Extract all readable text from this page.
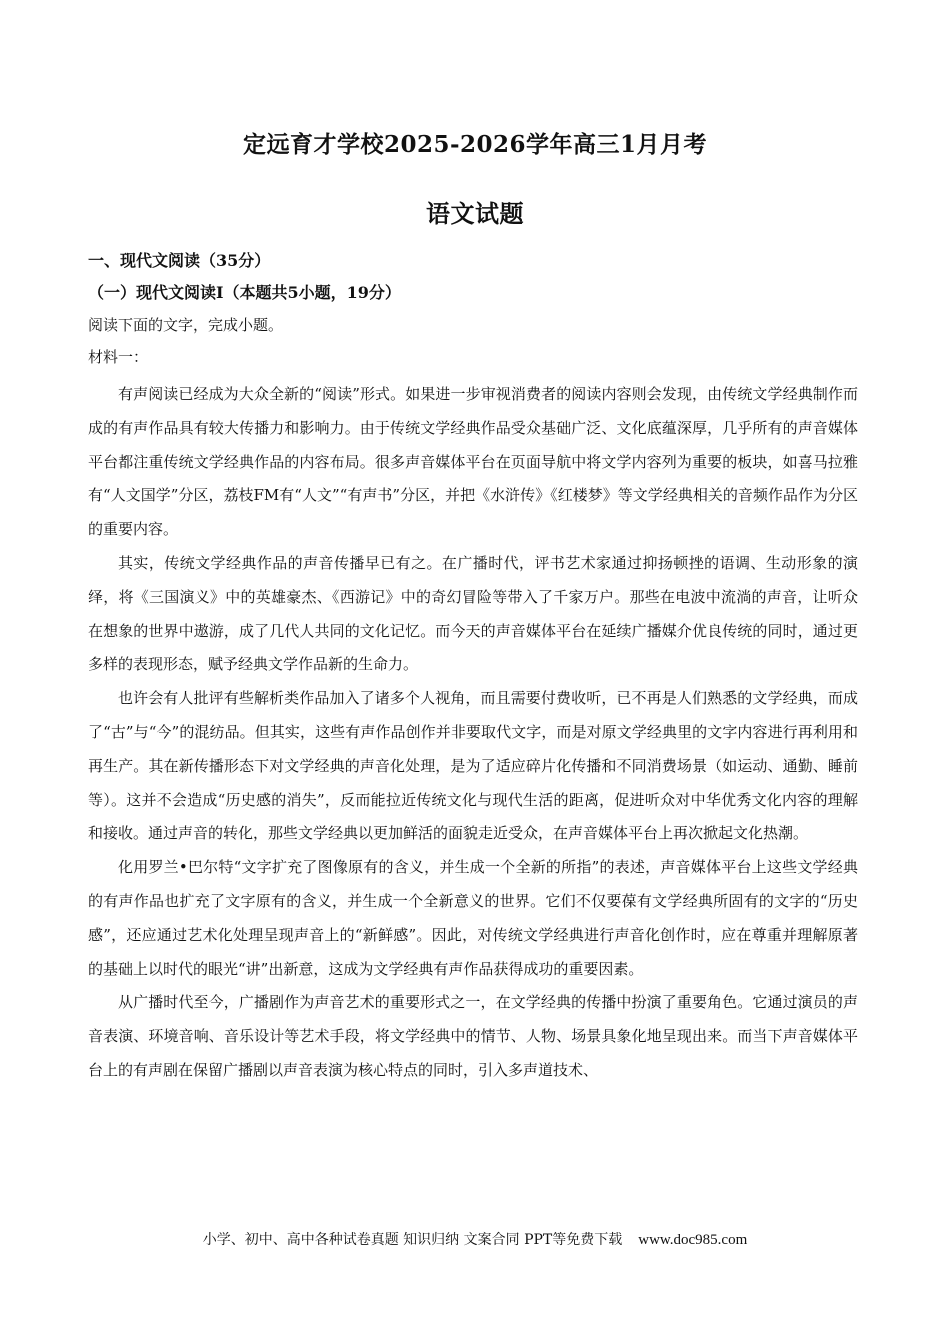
定远育才学校2025-2026学年高三1月月考
语文试题
一、现代文阅读（35分）
（一）现代文阅读Ⅰ（本题共5小题，19分）
阅读下面的文字，完成小题。
材料一：

有声阅读已经成为大众全新的“阅读”形式。如果进一步审视消费者的阅读内容则会发现，由传统文学经典制作而成的有声作品具有较大传播力和影响力。由于传统文学经典作品受众基础广泛、文化底蕴深厚，几乎所有的声音媒体平台都注重传统文学经典作品的内容布局。很多声音媒体平台在页面导航中将文学内容列为重要的板块，如喜马拉雅有“人文国学”分区，荔枝FM有“人文”“有声书”分区，并把《水浒传》《红楼梦》等文学经典相关的音频作品作为分区的重要内容。

其实，传统文学经典作品的声音传播早已有之。在广播时代，评书艺术家通过抑扬顿挫的语调、生动形象的演绎，将《三国演义》中的英雄豪杰、《西游记》中的奇幻冒险等带入了千家万户。那些在电波中流淌的声音，让听众在想象的世界中遨游，成了几代人共同的文化记忆。而今天的声音媒体平台在延续广播媒介优良传统的同时，通过更多样的表现形态，赋予经典文学作品新的生命力。

也许会有人批评有些解析类作品加入了诸多个人视角，而且需要付费收听，已不再是人们熟悉的文学经典，而成了“古”与“今”的混纺品。但其实，这些有声作品创作并非要取代文字，而是对原文学经典里的文字内容进行再利用和再生产。其在新传播形态下对文学经典的声音化处理，是为了适应碎片化传播和不同消费场景（如运动、通勤、睡前等）。这并不会造成“历史感的消失”，反而能拉近传统文化与现代生活的距离，促进听众对中华优秀文化内容的理解和接收。通过声音的转化，那些文学经典以更加鲜活的面貌走近受众，在声音媒体平台上再次掀起文化热潮。

化用罗兰•巴尔特“文字扩充了图像原有的含义，并生成一个全新的所指”的表述，声音媒体平台上这些文学经典的有声作品也扩充了文字原有的含义，并生成一个全新意义的世界。它们不仅要葆有文学经典所固有的文字的“历史感”，还应通过艺术化处理呈现声音上的“新鲜感”。因此，对传统文学经典进行声音化创作时，应在尊重并理解原著的基础上以时代的眼光“讲”出新意，这成为文学经典有声作品获得成功的重要因素。

从广播时代至今，广播剧作为声音艺术的重要形式之一，在文学经典的传播中扮演了重要角色。它通过演员的声音表演、环境音响、音乐设计等艺术手段，将文学经典中的情节、人物、场景具象化地呈现出来。而当下声音媒体平台上的有声剧在保留广播剧以声音表演为核心特点的同时，引入多声道技术、

小学、初中、高中各种试卷真题 知识归纳 文案合同 PPT等免费下载 www.doc985.com
